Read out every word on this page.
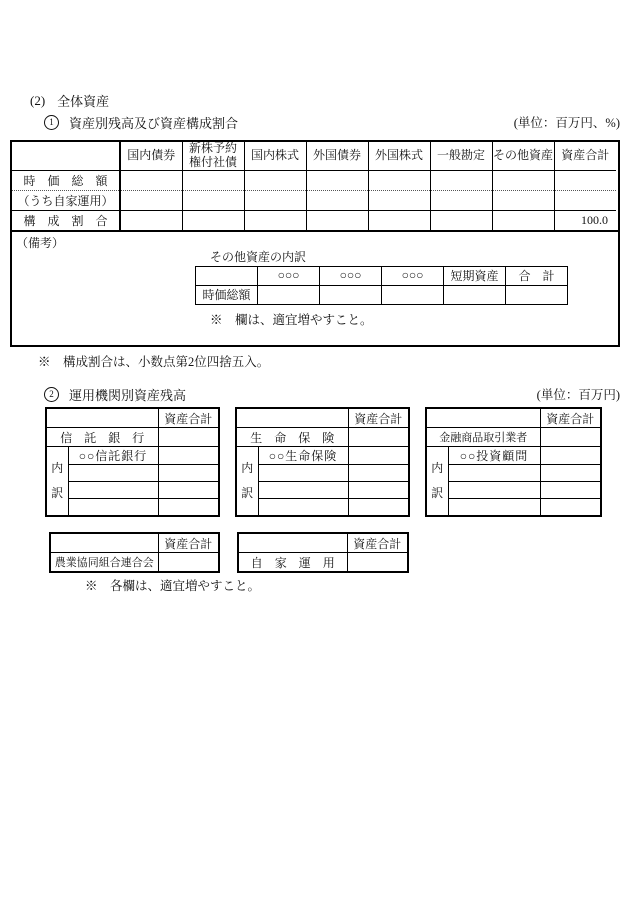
(2) 全体資産
1	資産別残高及び資産構成割合	(単位：百万円、%)
	国内債券	新株予約
権付社債	国内株式	外国債券	外国株式	一般勘定	その他資産	資産合計
時　価　総　額								
（うち自家運用）								
構　成　割　合								100.0
（備考）
その他資産の内訳
	○○○	○○○	○○○	短期資産	合　計
時価総額					
※　欄は、適宜増やすこと。
※　構成割合は、小数点第2位四捨五入。
2	運用機関別資産残高	(単位：百万円)
		資産合計
信　託　銀　行		

内
訳	○○信託銀行	

		資産合計
生　命　保　険		

内
訳	○○生命保険	

		資産合計
金融商品取引業者		

内
訳	○○投資顧問	

	資産合計
農業協同組合連合会	
	資産合計
自　家　運　用	
※　各欄は、適宜増やすこと。
